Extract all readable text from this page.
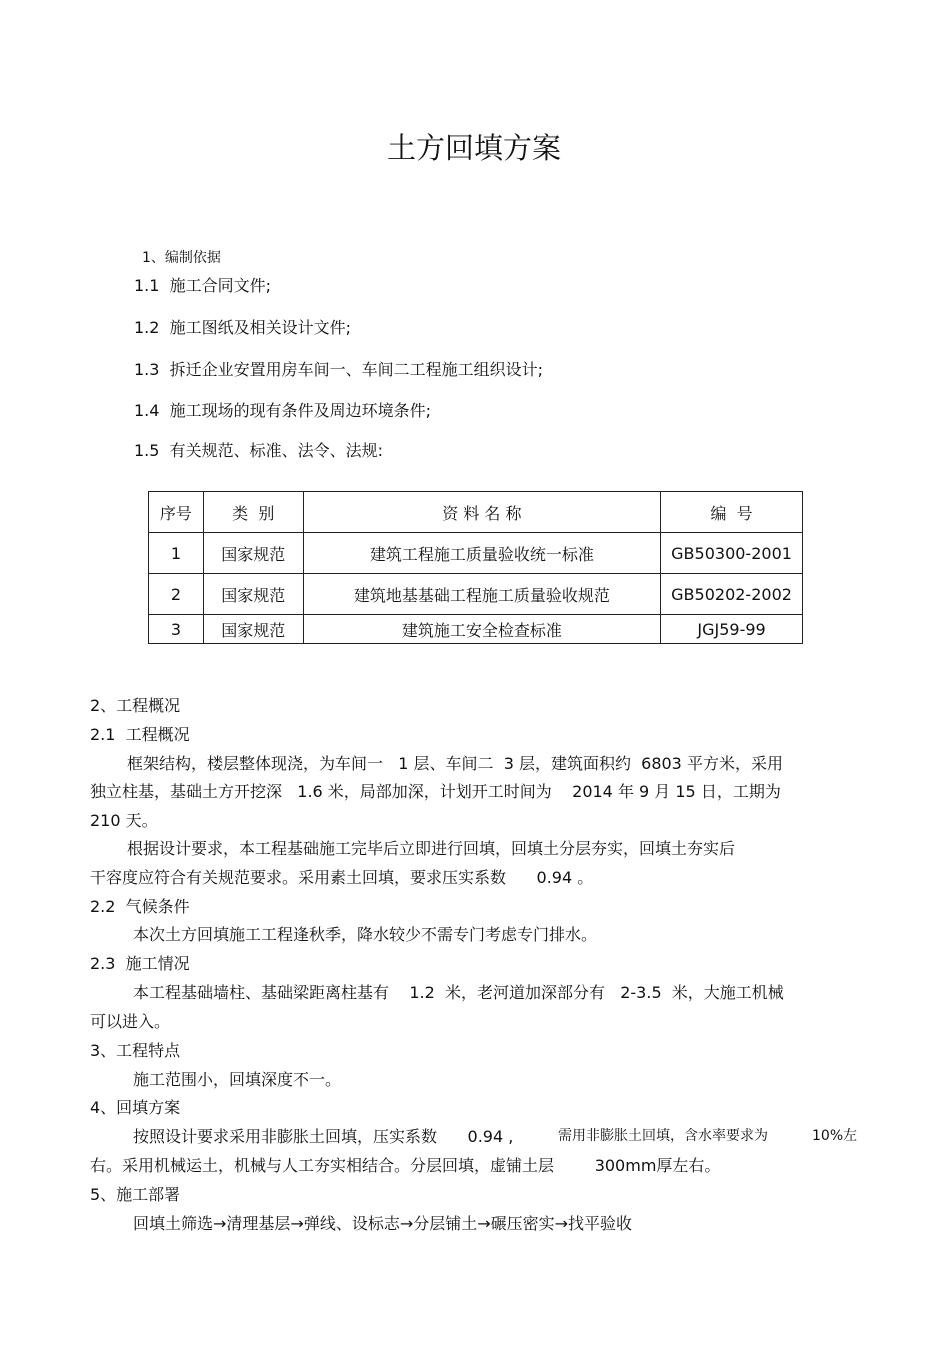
土方回填方案
1、编制依据
1.1  施工合同文件;
1.2  施工图纸及相关设计文件;
1.3  拆迁企业安置用房车间一、车间二工程施工组织设计;
1.4  施工现场的现有条件及周边环境条件;
1.5  有关规范、标准、法令、法规:
序号	类  别	资 料 名 称	编  号
1	国家规范	建筑工程施工质量验收统一标准	GB50300-2001
2	国家规范	建筑地基基础工程施工质量验收规范	GB50202-2002
3	国家规范	建筑施工安全检查标准	JGJ59-99
2、工程概况
2.1  工程概况
框架结构，楼层整体现浇，为车间一   1 层、车间二  3 层，建筑面积约  6803 平方米，采用
独立柱基，基础土方开挖深   1.6 米，局部加深，计划开工时间为    2014 年 9 月 15 日，工期为
210 天。
根据设计要求，本工程基础施工完毕后立即进行回填，回填土分层夯实，回填土夯实后
干容度应符合有关规范要求。采用素土回填，要求压实系数      0.94 。
2.2  气候条件
本次土方回填施工工程逢秋季，降水较少不需专门考虑专门排水。
2.3  施工情况
本工程基础墙柱、基础梁距离柱基有    1.2  米，老河道加深部分有   2-3.5  米，大施工机械
可以进入。
3、工程特点
施工范围小，回填深度不一。
4、回填方案
按照设计要求采用非膨胀土回填，压实系数      0.94 ,	需用非膨胀土回填，含水率要求为	10%左
右。采用机械运土，机械与人工夯实相结合。分层回填，虚铺土层        300mm厚左右。
5、施工部署
回填土筛选→清理基层→弹线、设标志→分层铺土→碾压密实→找平验收
